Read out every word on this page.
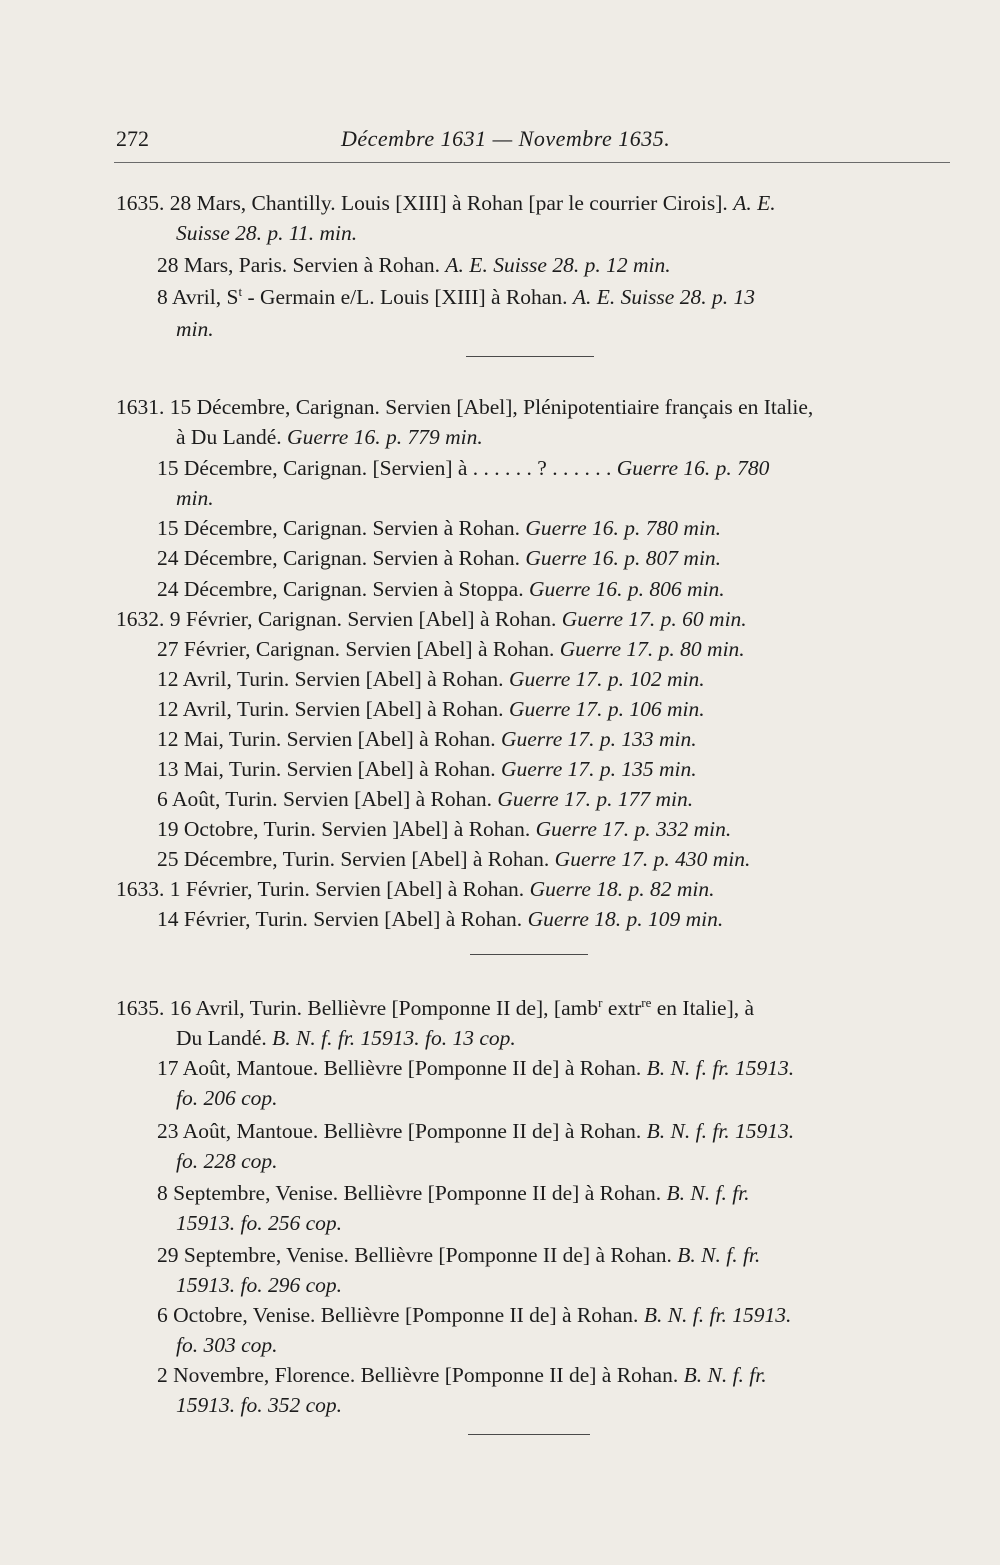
272	Décembre 1631 — Novembre 1635.
1635. 28 Mars, Chantilly. Louis [XIII] à Rohan [par le courrier Cirois]. A. E.
Suisse 28. p. 11. min.
28 Mars, Paris. Servien à Rohan. A. E. Suisse 28. p. 12 min.
8 Avril, $S^t$ - Germain e/L. Louis [XIII] à Rohan. A. E. Suisse 28. p. 13
min.
1631. 15 Décembre, Carignan. Servien [Abel], Plénipotentiaire français en Italie,
à Du Landé. Guerre 16. p. 779 min.
15 Décembre, Carignan. [Servien] à . . . . . . ? . . . . . . Guerre 16. p. 780
min.
15 Décembre, Carignan. Servien à Rohan. Guerre 16. p. 780 min.
24 Décembre, Carignan. Servien à Rohan. Guerre 16. p. 807 min.
24 Décembre, Carignan. Servien à Stoppa. Guerre 16. p. 806 min.
1632. 9 Février, Carignan. Servien [Abel] à Rohan. Guerre 17. p. 60 min.
27 Février, Carignan. Servien [Abel] à Rohan. Guerre 17. p. 80 min.
12 Avril, Turin. Servien [Abel] à Rohan. Guerre 17. p. 102 min.
12 Avril, Turin. Servien [Abel] à Rohan. Guerre 17. p. 106 min.
12 Mai, Turin. Servien [Abel] à Rohan. Guerre 17. p. 133 min.
13 Mai, Turin. Servien [Abel] à Rohan. Guerre 17. p. 135 min.
6 Août, Turin. Servien [Abel] à Rohan. Guerre 17. p. 177 min.
19 Octobre, Turin. Servien ]Abel] à Rohan. Guerre 17. p. 332 min.
25 Décembre, Turin. Servien [Abel] à Rohan. Guerre 17. p. 430 min.
1633. 1 Février, Turin. Servien [Abel] à Rohan. Guerre 18. p. 82 min.
14 Février, Turin. Servien [Abel] à Rohan. Guerre 18. p. 109 min.
1635. 16 Avril, Turin. Bellièvre [Pomponne II de], [amb$^r$ extr$^{re}$ en Italie], à
Du Landé. B. N. f. fr. 15913. fo. 13 cop.
17 Août, Mantoue. Bellièvre [Pomponne II de] à Rohan. B. N. f. fr. 15913.
fo. 206 cop.
23 Août, Mantoue. Bellièvre [Pomponne II de] à Rohan. B. N. f. fr. 15913.
fo. 228 cop.
8 Septembre, Venise. Bellièvre [Pomponne II de] à Rohan. B. N. f. fr.
15913. fo. 256 cop.
29 Septembre, Venise. Bellièvre [Pomponne II de] à Rohan. B. N. f. fr.
15913. fo. 296 cop.
6 Octobre, Venise. Bellièvre [Pomponne II de] à Rohan. B. N. f. fr. 15913.
fo. 303 cop.
2 Novembre, Florence. Bellièvre [Pomponne II de] à Rohan. B. N. f. fr.
15913. fo. 352 cop.
